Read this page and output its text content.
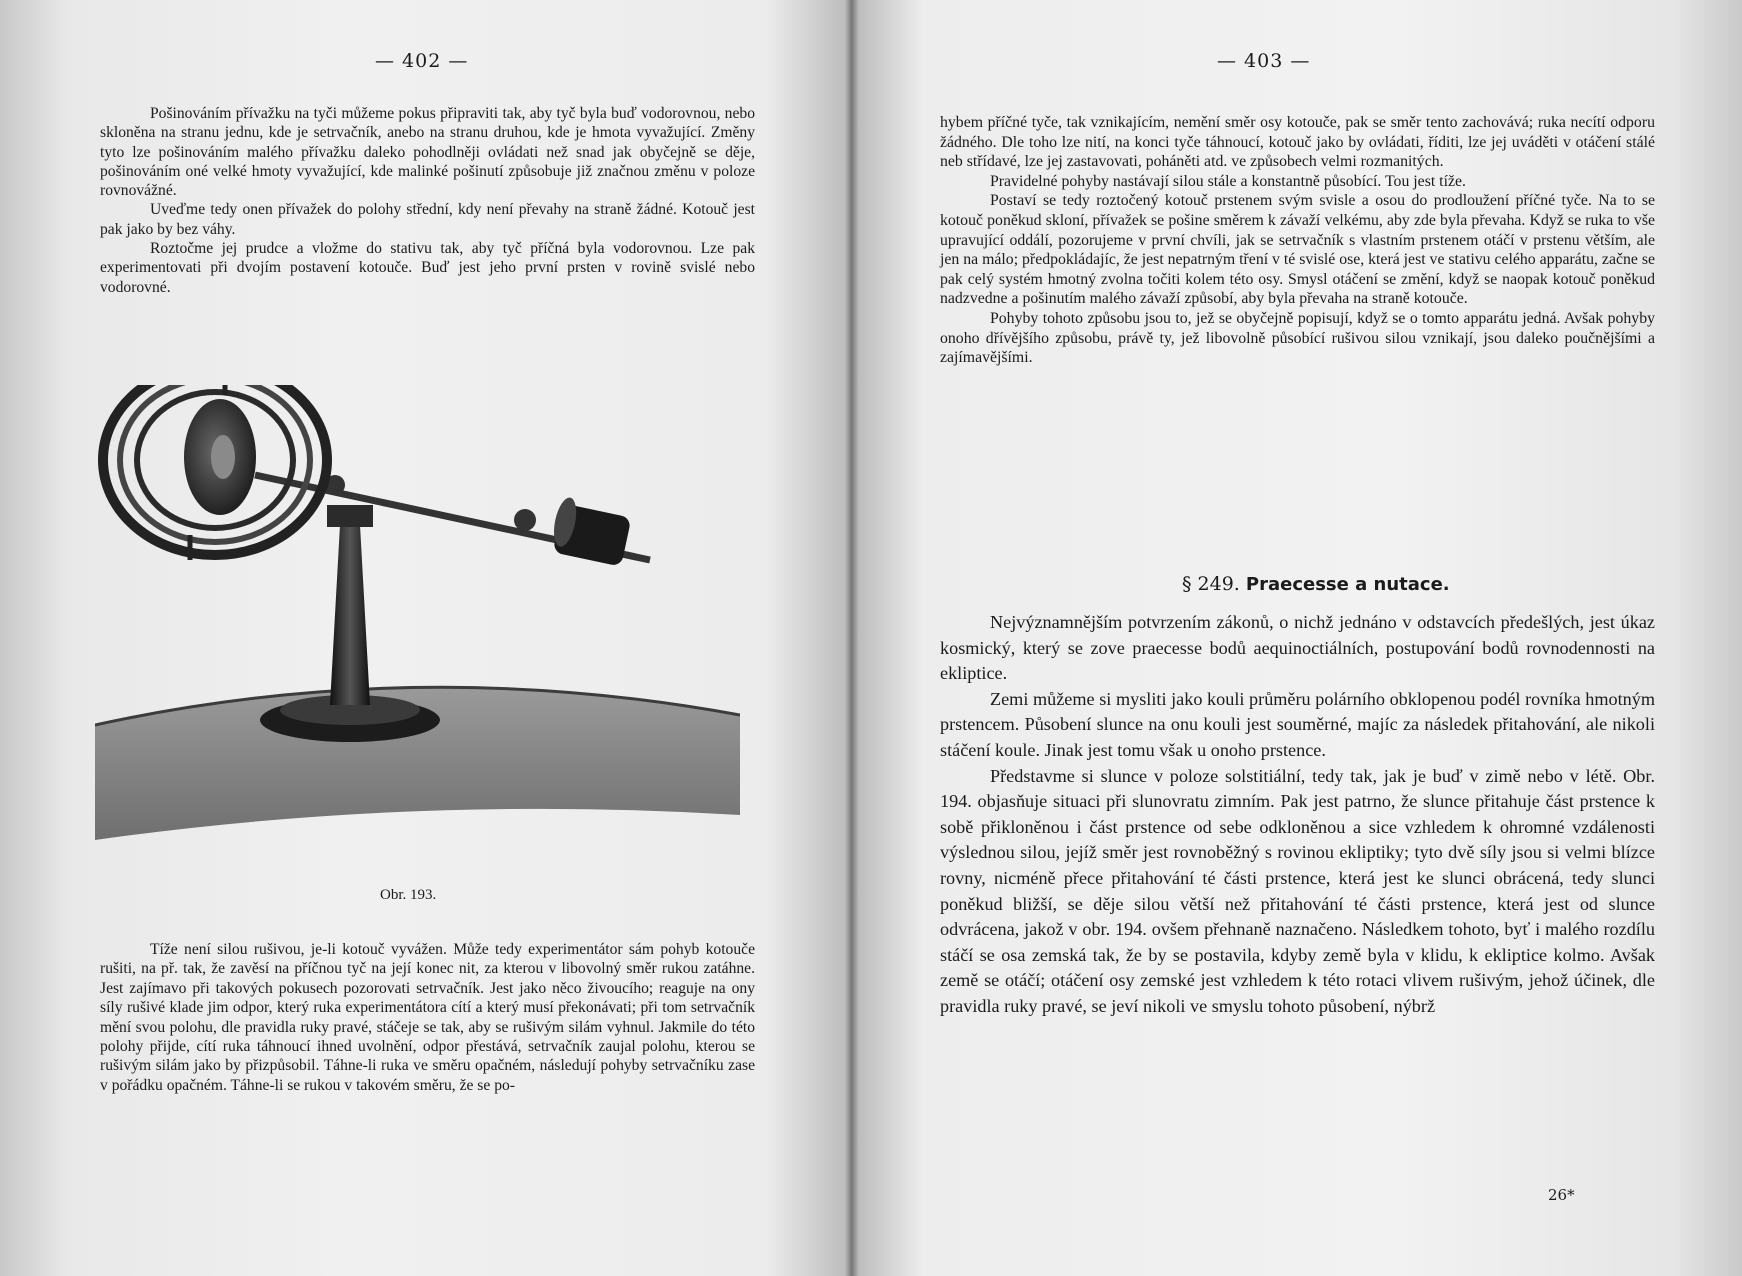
— 402 —

Pošinováním přívažku na tyči můžeme pokus připraviti tak, aby tyč byla buď vodorovnou, nebo skloněna na stranu jednu, kde je setrvačník, anebo na stranu druhou, kde je hmota vyvažující. Změny tyto lze pošinováním malého přívažku daleko pohodlněji ovládati než snad jak obyčejně se děje, pošinováním oné velké hmoty vyvažující, kde malinké pošinutí způsobuje již značnou změnu v poloze rovnovážné.

Uveďme tedy onen přívažek do polohy střední, kdy není převahy na straně žádné. Kotouč jest pak jako by bez váhy.

Roztočme jej prudce a vložme do stativu tak, aby tyč příčná byla vodorovnou. Lze pak experimentovati při dvojím postavení kotouče. Buď jest jeho první prsten v rovině svislé nebo vodorovné.

Obr. 193.

Tíže není silou rušivou, je-li kotouč vyvážen. Může tedy experimentátor sám pohyb kotouče rušiti, na př. tak, že zavěsí na příčnou tyč na její konec nit, za kterou v libovolný směr rukou zatáhne. Jest zajímavo při takových pokusech pozorovati setrvačník. Jest jako něco živoucího; reaguje na ony síly rušivé klade jim odpor, který ruka experimentátora cítí a který musí překonávati; při tom setrvačník mění svou polohu, dle pravidla ruky pravé, stáčeje se tak, aby se rušivým silám vyhnul. Jakmile do této polohy přijde, cítí ruka táhnoucí ihned uvolnění, odpor přestává, setrvačník zaujal polohu, kterou se rušivým silám jako by přizpůsobil. Táhne-li ruka ve směru opačném, následují pohyby setrvačníku zase v pořádku opačném. Táhne-li se rukou v takovém směru, že se po-

— 403 —

hybem příčné tyče, tak vznikajícím, nemění směr osy kotouče, pak se směr tento zachovává; ruka necítí odporu žádného. Dle toho lze nití, na konci tyče táhnoucí, kotouč jako by ovládati, říditi, lze jej uváděti v otáčení stálé neb střídavé, lze jej zastavovati, poháněti atd. ve způsobech velmi rozmanitých.

Pravidelné pohyby nastávají silou stále a konstantně působící. Tou jest tíže.

Postaví se tedy roztočený kotouč prstenem svým svisle a osou do prodloužení příčné tyče. Na to se kotouč poněkud skloní, přívažek se pošine směrem k závaží velkému, aby zde byla převaha. Když se ruka to vše upravující oddálí, pozorujeme v první chvíli, jak se setrvačník s vlastním prstenem otáčí v prstenu větším, ale jen na málo; předpokládajíc, že jest nepatrným tření v té svislé ose, která jest ve stativu celého apparátu, začne se pak celý systém hmotný zvolna točiti kolem této osy. Smysl otáčení se změní, když se naopak kotouč poněkud nadzvedne a pošinutím malého závaží způsobí, aby byla převaha na straně kotouče.

Pohyby tohoto způsobu jsou to, jež se obyčejně popisují, když se o tomto apparátu jedná. Avšak pohyby onoho dřívějšího způsobu, právě ty, jež libovolně působící rušivou silou vznikají, jsou daleko poučnějšími a zajímavějšími.

§ 249. Praecesse a nutace.

Nejvýznamnějším potvrzením zákonů, o nichž jednáno v odstavcích předešlých, jest úkaz kosmický, který se zove praecesse bodů aequinoctiálních, postupování bodů rovnodennosti na ekliptice.

Zemi můžeme si mysliti jako kouli průměru polárního obklopenou podél rovníka hmotným prstencem. Působení slunce na onu kouli jest souměrné, majíc za následek přitahování, ale nikoli stáčení koule. Jinak jest tomu však u onoho prstence.

Představme si slunce v poloze solstitiální, tedy tak, jak je buď v zimě nebo v létě. Obr. 194. objasňuje situaci při slunovratu zimním. Pak jest patrno, že slunce přitahuje část prstence k sobě přikloněnou i část prstence od sebe odkloněnou a sice vzhledem k ohromné vzdálenosti výslednou silou, jejíž směr jest rovnoběžný s rovinou ekliptiky; tyto dvě síly jsou si velmi blízce rovny, nicméně přece přitahování té části prstence, která jest ke slunci obrácená, tedy slunci poněkud bližší, se děje silou větší než přitahování té části prstence, která jest od slunce odvrácena, jakož v obr. 194. ovšem přehnaně naznačeno. Následkem tohoto, byť i malého rozdílu stáčí se osa zemská tak, že by se postavila, kdyby země byla v klidu, k ekliptice kolmo. Avšak země se otáčí; otáčení osy zemské jest vzhledem k této rotaci vlivem rušivým, jehož účinek, dle pravidla ruky pravé, se jeví nikoli ve smyslu tohoto působení, nýbrž

26*
